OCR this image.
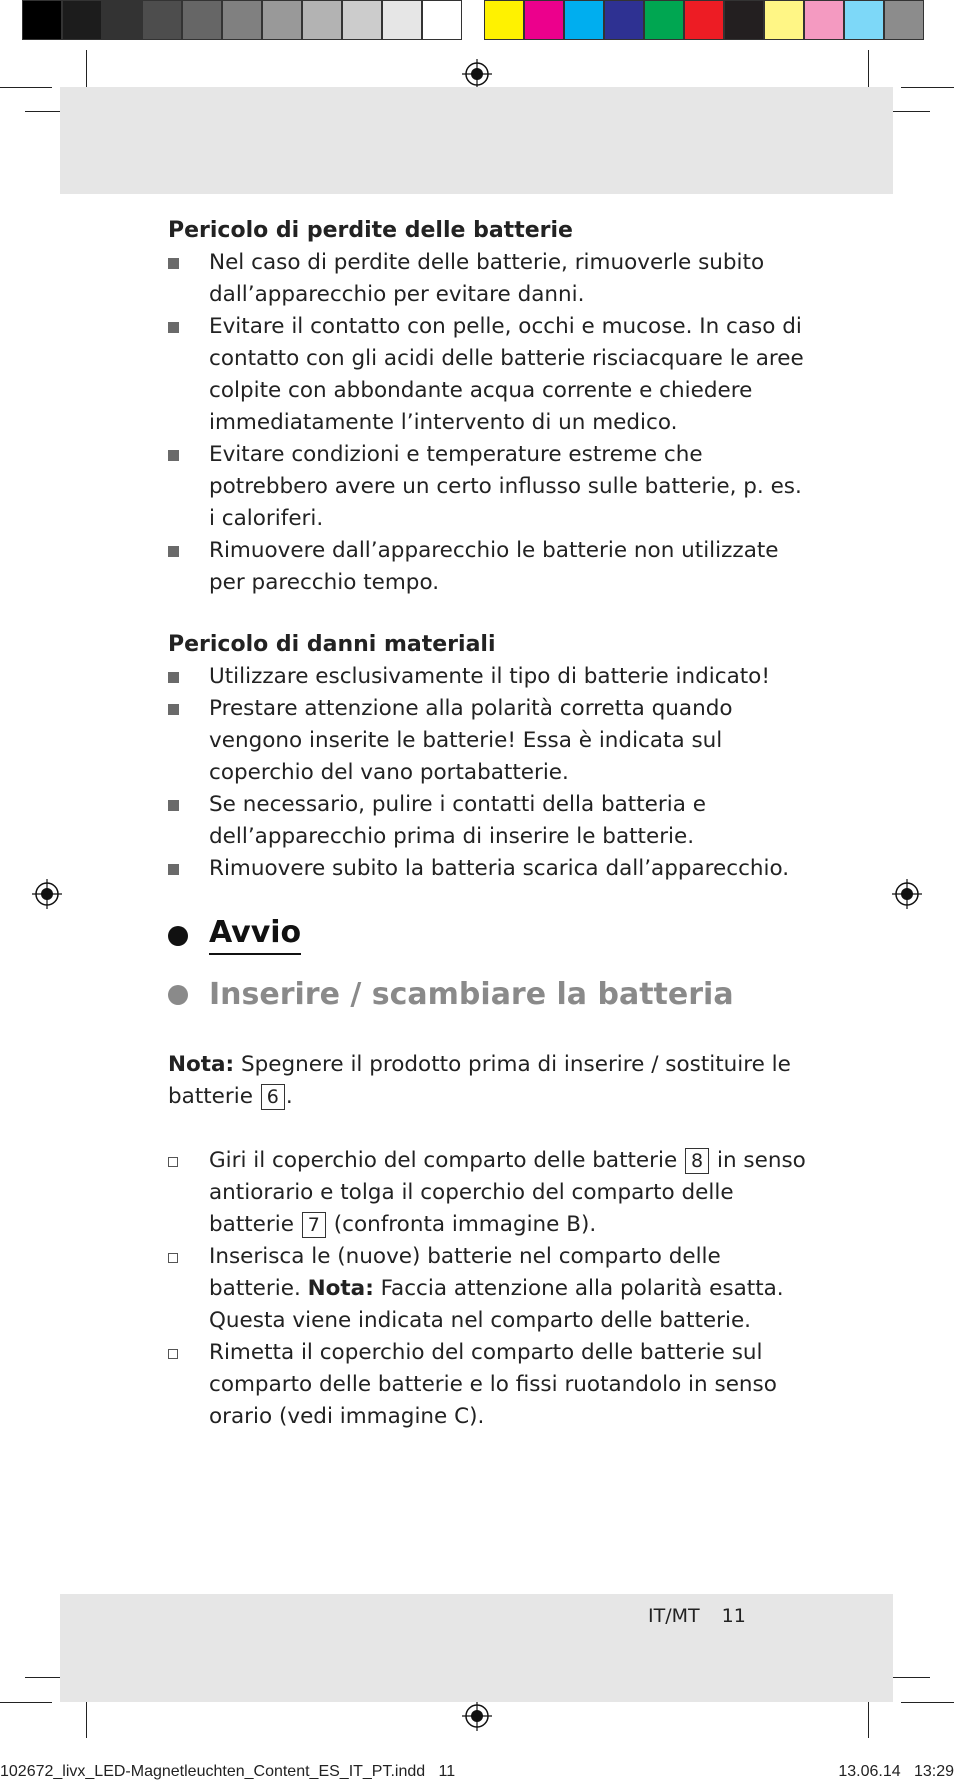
Pericolo di perdite delle batterie
Nel caso di perdite delle batterie, rimuoverle subito dall’apparecchio per evitare danni.
Evitare il contatto con pelle, occhi e mucose. In caso di contatto con gli acidi delle batterie risciacquare le aree colpite con abbondante acqua corrente e chiedere immediatamente l’intervento di un medico.
Evitare condizioni e temperature estreme che potrebbero avere un certo influsso sulle batterie, p. es. i caloriferi.
Rimuovere dall’apparecchio le batterie non utilizzate per parecchio tempo.
Pericolo di danni materiali
Utilizzare esclusivamente il tipo di batterie indicato!
Prestare attenzione alla polarità corretta quando vengono inserite le batterie! Essa è indicata sul coperchio del vano portabatterie.
Se necessario, pulire i contatti della batteria e dell’apparecchio prima di inserire le batterie.
Rimuovere subito la batteria scarica dall’apparecchio.
Avvio
Inserire / scambiare la batteria

Nota: Spegnere il prodotto prima di inserire / sostituire le batterie 6 .

Giri il coperchio del comparto delle batterie 8 in senso antiorario e tolga il coperchio del comparto delle batterie 7 (confronta immagine B).
Inserisca le (nuove) batterie nel comparto delle batterie. Nota: Faccia attenzione alla polarità esatta. Questa viene indicata nel comparto delle batterie.
Rimetta il coperchio del comparto delle batterie sul comparto delle batterie e lo fissi ruotandolo in senso orario (vedi immagine C).
IT/MT 11
102672_livx_LED-Magnetleuchten_Content_ES_IT_PT.indd   11	13.06.14   13:29
